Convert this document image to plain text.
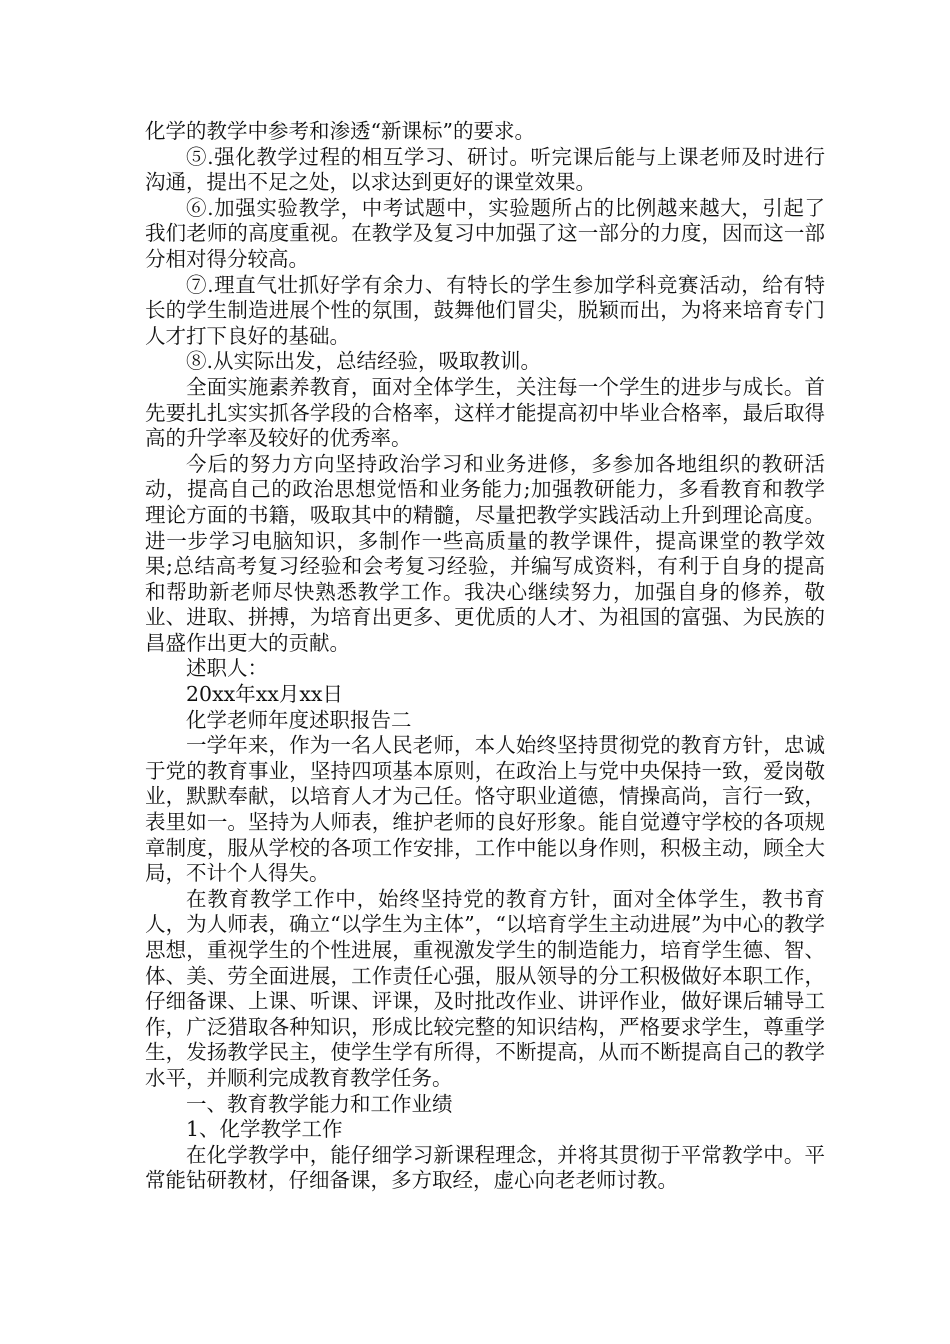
化学的教学中参考和渗透“新课标”的要求。

⑤.强化教学过程的相互学习、研讨。听完课后能与上课老师及时进行沟通，提出不足之处，以求达到更好的课堂效果。

⑥.加强实验教学，中考试题中，实验题所占的比例越来越大，引起了我们老师的高度重视。在教学及复习中加强了这一部分的力度，因而这一部分相对得分较高。

⑦.理直气壮抓好学有余力、有特长的学生参加学科竞赛活动，给有特长的学生制造进展个性的氛围，鼓舞他们冒尖，脱颖而出，为将来培育专门人才打下良好的基础。

⑧.从实际出发，总结经验，吸取教训。

全面实施素养教育，面对全体学生，关注每一个学生的进步与成长。首先要扎扎实实抓各学段的合格率，这样才能提高初中毕业合格率，最后取得高的升学率及较好的优秀率。

今后的努力方向坚持政治学习和业务进修，多参加各地组织的教研活动，提高自己的政治思想觉悟和业务能力;加强教研能力，多看教育和教学理论方面的书籍，吸取其中的精髓，尽量把教学实践活动上升到理论高度。进一步学习电脑知识，多制作一些高质量的教学课件，提高课堂的教学效果;总结高考复习经验和会考复习经验，并编写成资料，有利于自身的提高和帮助新老师尽快熟悉教学工作。我决心继续努力，加强自身的修养，敬业、进取、拼搏，为培育出更多、更优质的人才、为祖国的富强、为民族的昌盛作出更大的贡献。

述职人：

20xx年xx月xx日

化学老师年度述职报告二

一学年来，作为一名人民老师，本人始终坚持贯彻党的教育方针，忠诚于党的教育事业，坚持四项基本原则，在政治上与党中央保持一致，爱岗敬业，默默奉献，以培育人才为己任。恪守职业道德，情操高尚，言行一致，表里如一。坚持为人师表，维护老师的良好形象。能自觉遵守学校的各项规章制度，服从学校的各项工作安排，工作中能以身作则，积极主动，顾全大局，不计个人得失。

在教育教学工作中，始终坚持党的教育方针，面对全体学生，教书育人，为人师表，确立“以学生为主体”，“以培育学生主动进展”为中心的教学思想，重视学生的个性进展，重视激发学生的制造能力，培育学生德、智、体、美、劳全面进展，工作责任心强，服从领导的分工积极做好本职工作，仔细备课、上课、听课、评课，及时批改作业、讲评作业，做好课后辅导工作，广泛猎取各种知识，形成比较完整的知识结构，严格要求学生，尊重学生，发扬教学民主，使学生学有所得，不断提高，从而不断提高自己的教学水平，并顺利完成教育教学任务。

一、教育教学能力和工作业绩

1、化学教学工作

在化学教学中，能仔细学习新课程理念，并将其贯彻于平常教学中。平常能钻研教材，仔细备课，多方取经，虚心向老老师讨教。
